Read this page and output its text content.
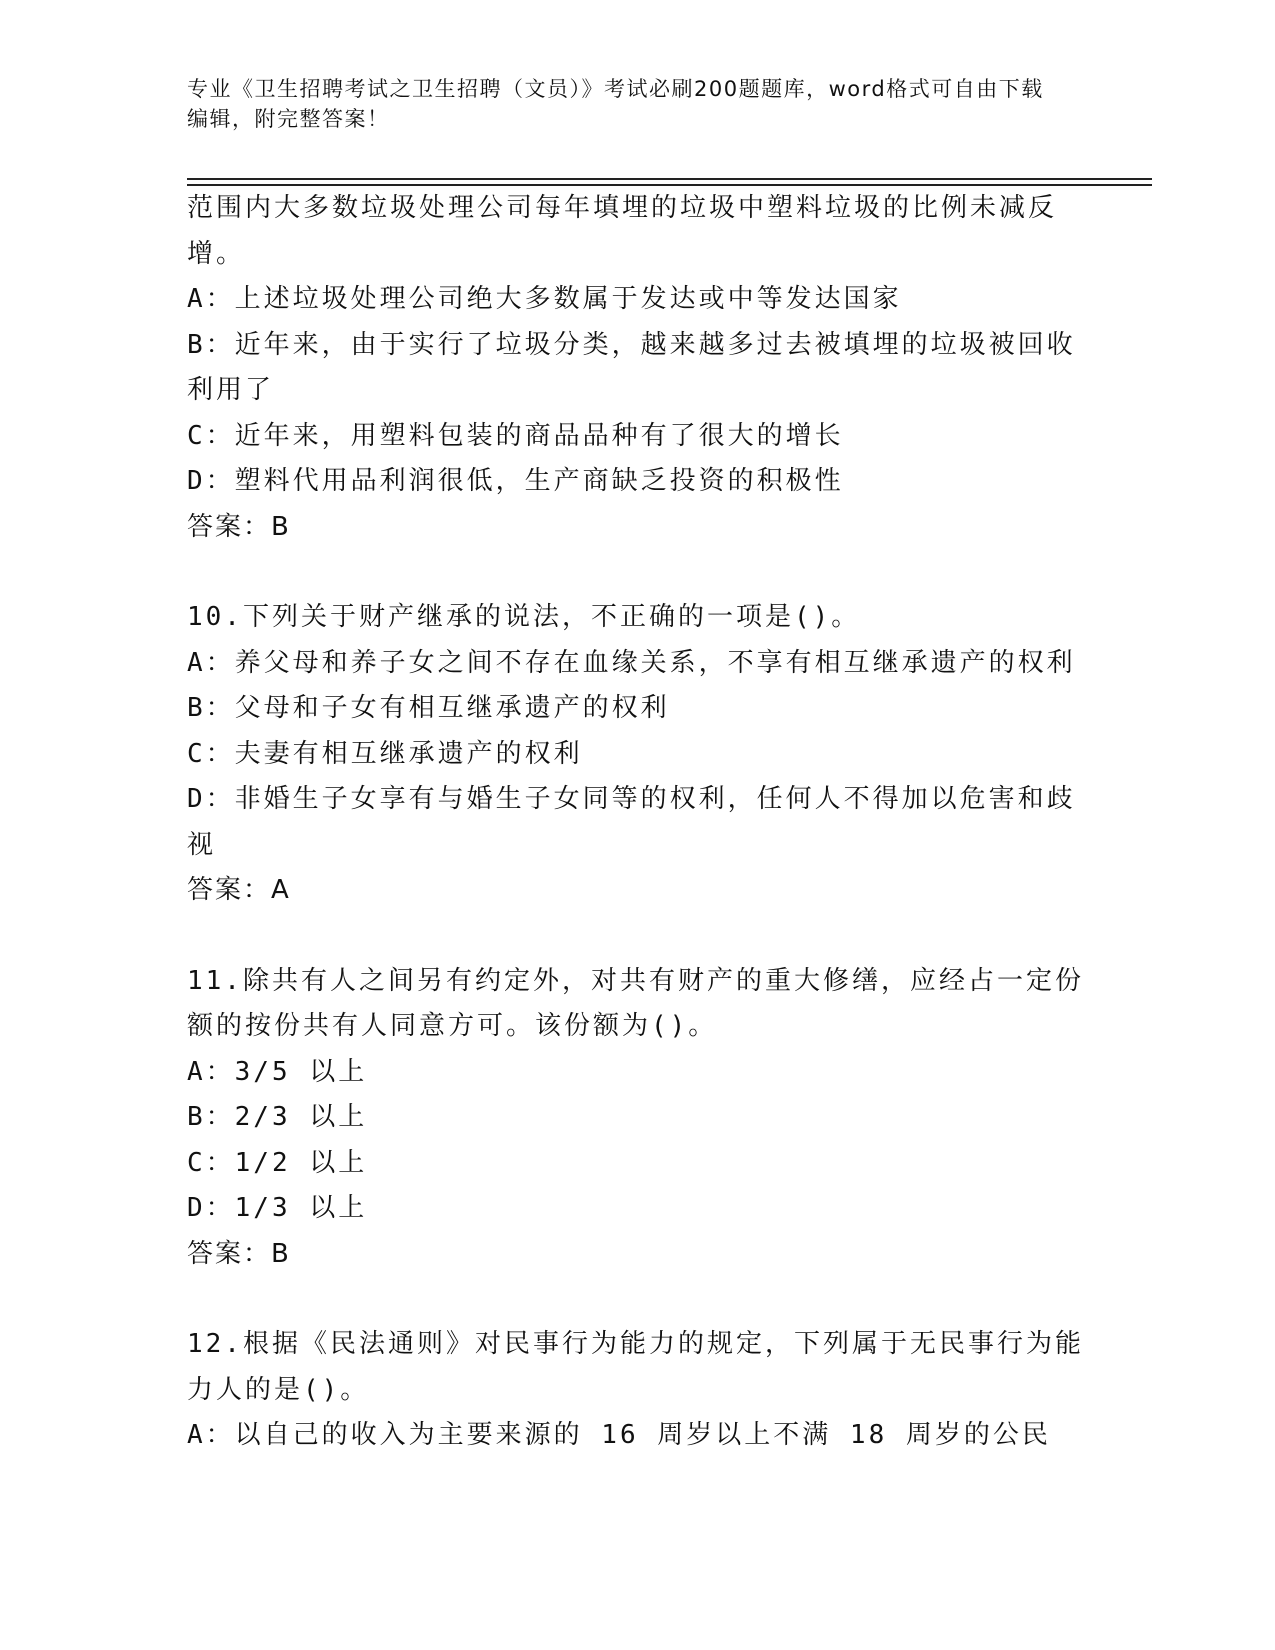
专业《卫生招聘考试之卫生招聘（文员）》考试必刷200题题库，word格式可自由下载编辑，附完整答案！
范围内大多数垃圾处理公司每年填埋的垃圾中塑料垃圾的比例未减反
增。
A：上述垃圾处理公司绝大多数属于发达或中等发达国家
B：近年来，由于实行了垃圾分类，越来越多过去被填埋的垃圾被回收
利用了
C：近年来，用塑料包装的商品品种有了很大的增长
D：塑料代用品利润很低，生产商缺乏投资的积极性
答案：B
10.下列关于财产继承的说法，不正确的一项是()。
A：养父母和养子女之间不存在血缘关系，不享有相互继承遗产的权利
B：父母和子女有相互继承遗产的权利
C：夫妻有相互继承遗产的权利
D：非婚生子女享有与婚生子女同等的权利，任何人不得加以危害和歧
视
答案：A
11.除共有人之间另有约定外，对共有财产的重大修缮，应经占一定份
额的按份共有人同意方可。该份额为()。
A：3/5 以上
B：2/3 以上
C：1/2 以上
D：1/3 以上
答案：B
12.根据《民法通则》对民事行为能力的规定，下列属于无民事行为能
力人的是()。
A：以自己的收入为主要来源的 16 周岁以上不满 18 周岁的公民
